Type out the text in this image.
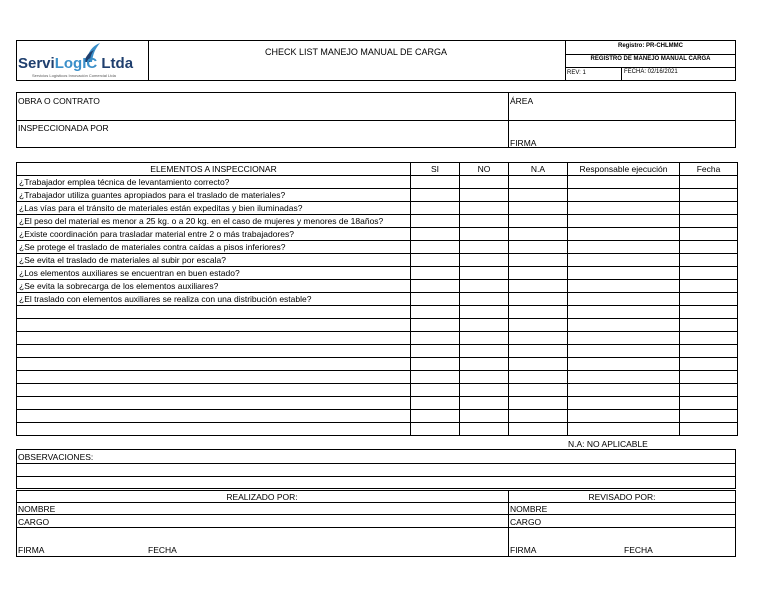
ServiLogIC Ltda
Servicios Logísticos Innovación Comercial Ltda
CHECK LIST MANEJO MANUAL DE CARGA
Registro: PR-CHLMMC
REGISTRO DE MANEJO MANUAL CARGA
REV: 1	FECHA: 02/16/2021
OBRA O CONTRATO	ÁREA
INSPECCIONADA POR
FIRMA
ELEMENTOS A INSPECCIONAR	SI	NO	N.A	Responsable ejecución	Fecha
¿Trabajador emplea técnica de levantamiento correcto?					
¿Trabajador utiliza guantes apropiados para el traslado de materiales?					
¿Las vías para el tránsito de materiales están expeditas y bien iluminadas?					
¿El peso del material es menor a 25 kg. o a 20 kg. en el caso de mujeres y menores de 18años?					
¿Existe coordinación para trasladar material entre 2 o más trabajadores?					
¿Se protege el traslado de materiales contra caídas a pisos inferiores?					
¿Se evita el traslado de materiales al subir por escala?					
¿Los elementos auxiliares se encuentran en buen estado?					
¿Se evita la sobrecarga de los elementos auxiliares?					
¿El traslado con elementos auxiliares se realiza con una distribución estable?					

N.A: NO APLICABLE
OBSERVACIONES:
REALIZADO POR:	REVISADO POR:
NOMBRE	NOMBRE
CARGO	CARGO
FIRMA	FECHA	FIRMA	FECHA
